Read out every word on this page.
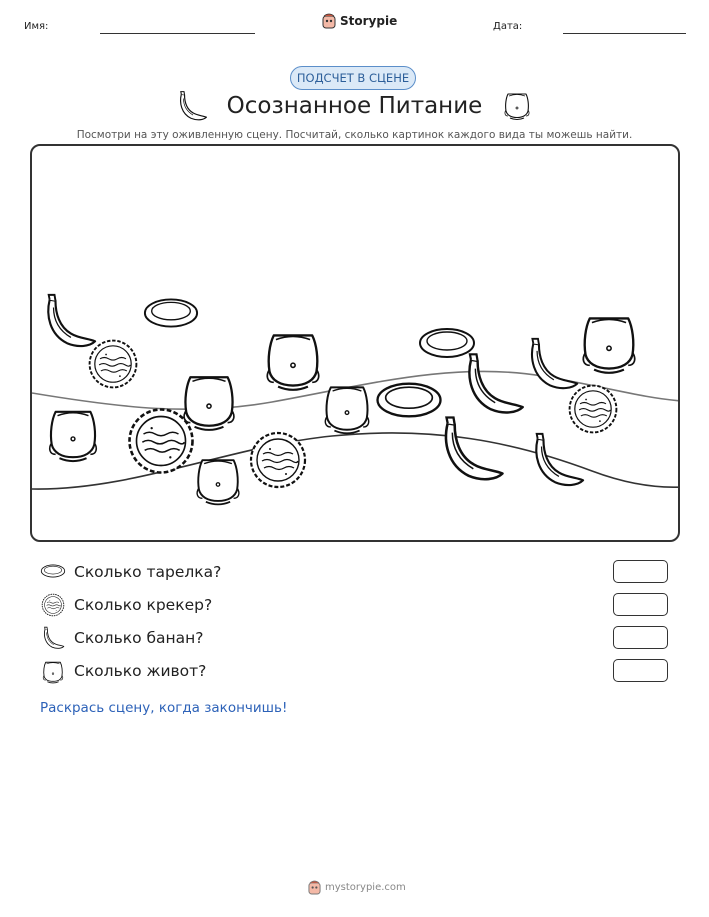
Имя:	Storypie	Дата:
ПОДСЧЕТ В СЦЕНЕ
Осознанное Питание
Посмотри на эту оживленную сцену. Посчитай, сколько картинок каждого вида ты можешь найти.
Сколько тарелка?
Сколько крекер?
Сколько банан?
Сколько живот?
Раскрась сцену, когда закончишь!
mystorypie.com
